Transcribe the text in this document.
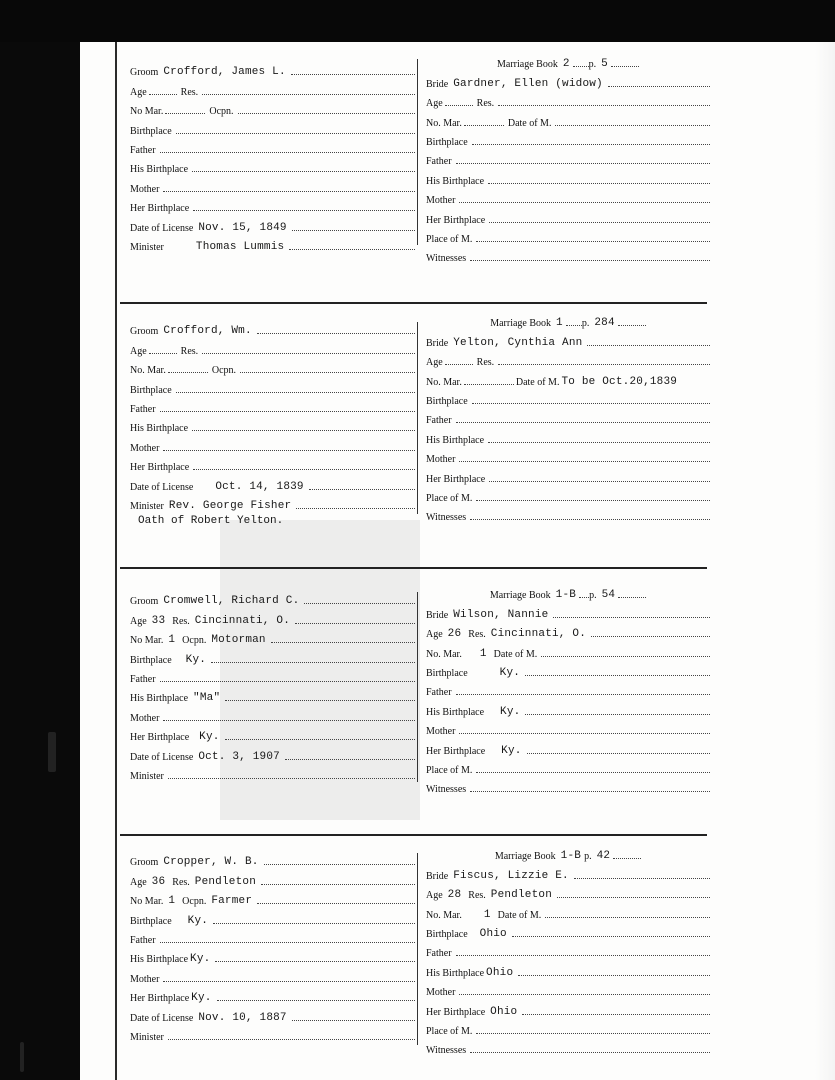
Groom Crofford, James L.
Age	Res.
No Mar.	Ocpn.
Birthplace
Father
His Birthplace
Mother
Her Birthplace
Date of License Nov. 15, 1849
Minister	Thomas Lummis
Marriage Book 2	p. 5
Bride Gardner, Ellen (widow)
Age	Res.
No. Mar.	Date of M.
Birthplace
Father
His Birthplace
Mother
Her Birthplace
Place of M.
Witnesses
Groom Crofford, Wm.
Age	Res.
No. Mar.	Ocpn.
Birthplace
Father
His Birthplace
Mother
Her Birthplace
Date of License	Oct. 14, 1839
Minister Rev. George Fisher
Oath of Robert Yelton.
Marriage Book 1	p. 284
Bride Yelton, Cynthia Ann
Age	Res.
No. Mar.	Date of M. To be Oct.20,1839
Birthplace
Father
His Birthplace
Mother
Her Birthplace
Place of M.
Witnesses
Groom Cromwell, Richard C.
Age 33 Res. Cincinnati, O.
No Mar. 1 Ocpn. Motorman
Birthplace	Ky.
Father
His Birthplace "Ma"
Mother
Her Birthplace Ky.
Date of License Oct. 3, 1907
Minister
Marriage Book 1-B	p. 54
Bride Wilson, Nannie
Age 26 Res. Cincinnati, O.
No. Mar.	1 Date of M.
Birthplace	Ky.
Father
His Birthplace	Ky.
Mother
Her Birthplace	Ky.
Place of M.
Witnesses
Groom Cropper, W. B.
Age 36 Res. Pendleton
No Mar. 1 Ocpn. Farmer
Birthplace	Ky.
Father
His Birthplace Ky.
Mother
Her Birthplace Ky.
Date of License Nov. 10, 1887
Minister
Marriage Book 1-B p. 42
Bride Fiscus, Lizzie E.
Age 28 Res. Pendleton
No. Mar.	1 Date of M.
Birthplace	Ohio
Father
His Birthplace Ohio
Mother
Her Birthplace Ohio
Place of M.
Witnesses
